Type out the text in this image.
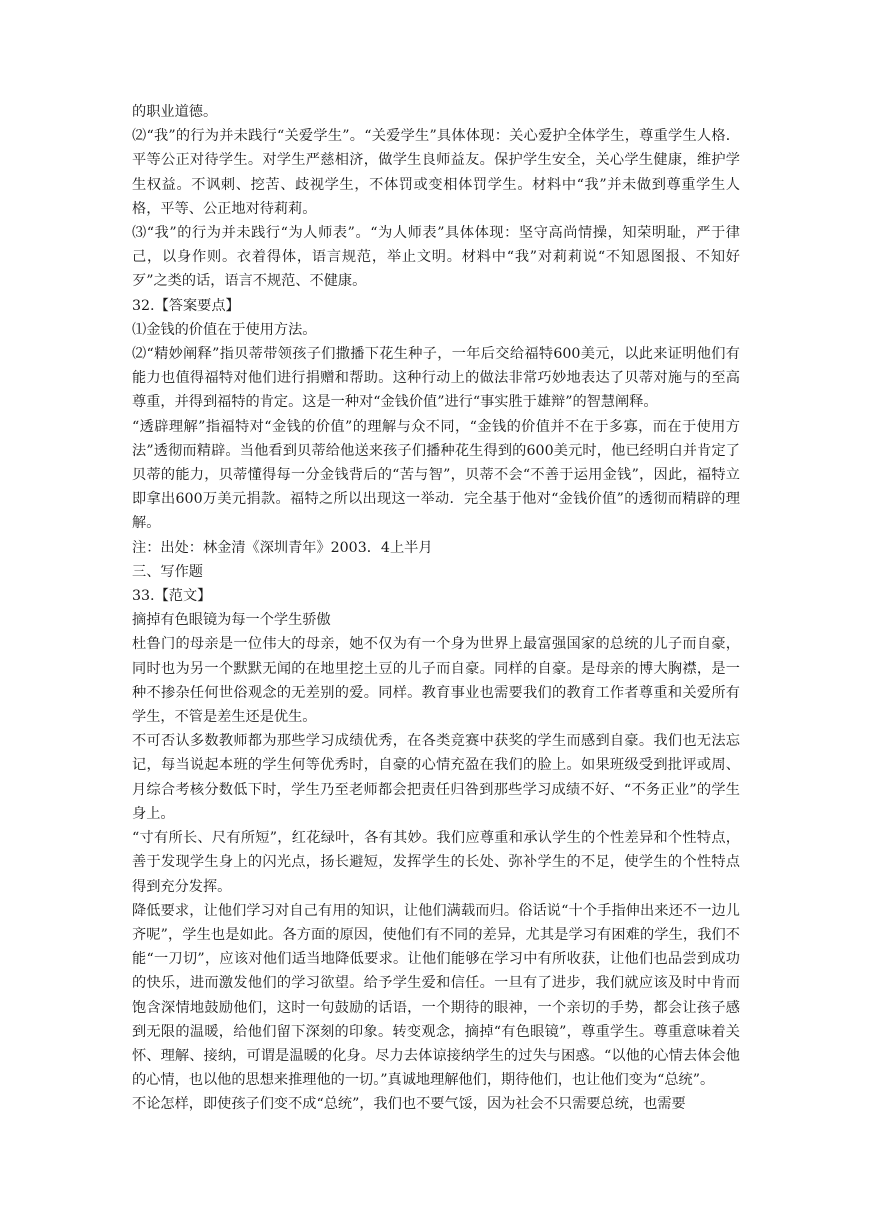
的职业道德。

⑵“我”的行为并未践行“关爱学生”。“关爱学生”具体体现：关心爱护全体学生，尊重学生人格．平等公正对待学生。对学生严慈相济，做学生良师益友。保护学生安全，关心学生健康，维护学生权益。不讽刺、挖苦、歧视学生，不体罚或变相体罚学生。材料中“我”并未做到尊重学生人格，平等、公正地对待莉莉。

⑶“我”的行为并未践行“为人师表”。“为人师表”具体体现：坚守高尚情操，知荣明耻，严于律己，以身作则。衣着得体，语言规范，举止文明。材料中“我”对莉莉说“不知恩图报、不知好歹”之类的话，语言不规范、不健康。

32.【答案要点】

⑴金钱的价值在于使用方法。

⑵“精妙阐释”指贝蒂带领孩子们撒播下花生种子，一年后交给福特600美元，以此来证明他们有能力也值得福特对他们进行捐赠和帮助。这种行动上的做法非常巧妙地表达了贝蒂对施与的至高尊重，并得到福特的肯定。这是一种对“金钱价值”进行“事实胜于雄辩”的智慧阐释。

“透辟理解”指福特对“金钱的价值”的理解与众不同，“金钱的价值并不在于多寡，而在于使用方法”透彻而精辟。当他看到贝蒂给他送来孩子们播种花生得到的600美元时，他已经明白并肯定了贝蒂的能力，贝蒂懂得每一分金钱背后的“苦与智”，贝蒂不会“不善于运用金钱”，因此，福特立即拿出600万美元捐款。福特之所以出现这一举动．完全基于他对“金钱价值”的透彻而精辟的理解。

注：出处：林金清《深圳青年》2003．4上半月

三、写作题

33.【范文】

摘掉有色眼镜为每一个学生骄傲

杜鲁门的母亲是一位伟大的母亲，她不仅为有一个身为世界上最富强国家的总统的儿子而自豪，同时也为另一个默默无闻的在地里挖土豆的儿子而自豪。同样的自豪。是母亲的博大胸襟，是一种不掺杂任何世俗观念的无差别的爱。同样。教育事业也需要我们的教育工作者尊重和关爱所有学生，不管是差生还是优生。

不可否认多数教师都为那些学习成绩优秀，在各类竞赛中获奖的学生而感到自豪。我们也无法忘记，每当说起本班的学生何等优秀时，自豪的心情充盈在我们的脸上。如果班级受到批评或周、月综合考核分数低下时，学生乃至老师都会把责任归咎到那些学习成绩不好、“不务正业”的学生身上。

“寸有所长、尺有所短”，红花绿叶，各有其妙。我们应尊重和承认学生的个性差异和个性特点，善于发现学生身上的闪光点，扬长避短，发挥学生的长处、弥补学生的不足，使学生的个性特点得到充分发挥。

降低要求，让他们学习对自己有用的知识，让他们满载而归。俗话说“十个手指伸出来还不一边儿齐呢”，学生也是如此。各方面的原因，使他们有不同的差异，尤其是学习有困难的学生，我们不能“一刀切”，应该对他们适当地降低要求。让他们能够在学习中有所收获，让他们也品尝到成功的快乐，进而激发他们的学习欲望。给予学生爱和信任。一旦有了进步，我们就应该及时中肯而饱含深情地鼓励他们，这时一句鼓励的话语，一个期待的眼神，一个亲切的手势，都会让孩子感到无限的温暖，给他们留下深刻的印象。转变观念，摘掉“有色眼镜”，尊重学生。尊重意味着关怀、理解、接纳，可谓是温暖的化身。尽力去体谅接纳学生的过失与困惑。“以他的心情去体会他的心情，也以他的思想来推理他的一切。”真诚地理解他们，期待他们，也让他们变为“总统”。

不论怎样，即使孩子们变不成“总统”，我们也不要气馁，因为社会不只需要总统，也需要
